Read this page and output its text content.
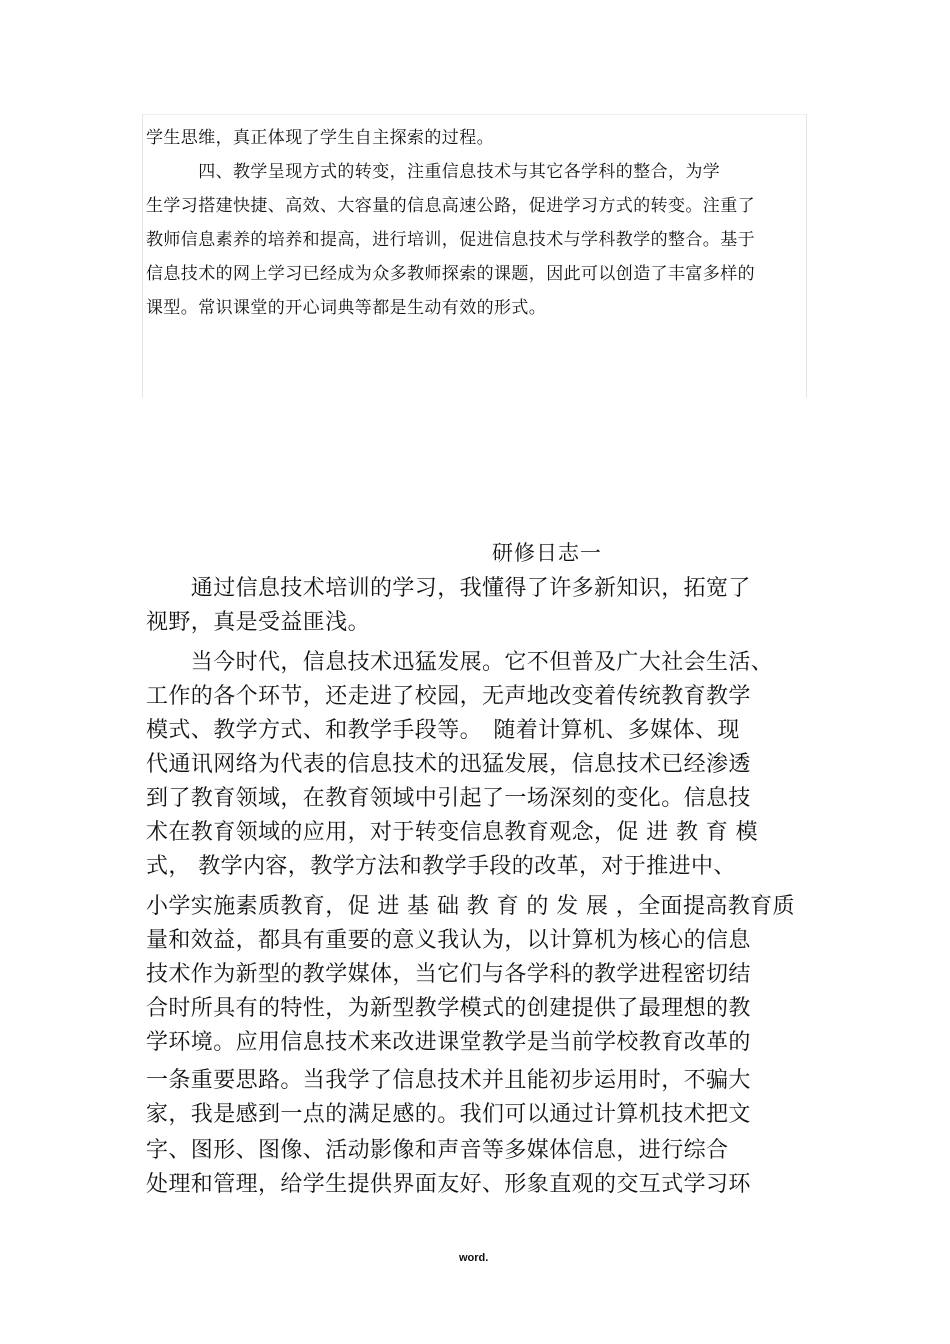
学生思维，真正体现了学生自主探索的过程。
　　　四、教学呈现方式的转变，注重信息技术与其它各学科的整合，为学
生学习搭建快捷、高效、大容量的信息高速公路，促进学习方式的转变。注重了
教师信息素养的培养和提高，进行培训，促进信息技术与学科教学的整合。基于
信息技术的网上学习已经成为众多教师探索的课题，因此可以创造了丰富多样的
课型。常识课堂的开心词典等都是生动有效的形式。
研修日志一
　　通过信息技术培训的学习，我懂得了许多新知识，拓宽了
视野，真是受益匪浅。
　　当今时代，信息技术迅猛发展。它不但普及广大社会生活、
工作的各个环节，还走进了校园，无声地改变着传统教育教学
模式、教学方式、和教学手段等。　随着计算机、多媒体、现
代通讯网络为代表的信息技术的迅猛发展，信息技术已经渗透
到了教育领域，在教育领域中引起了一场深刻的变化。信息技
术在教育领域的应用，对于转变信息教育观念，促 进 教 育 模
式， 教学内容，教学方法和教学手段的改革，对于推进中、
小学实施素质教育，促 进 基 础 教 育 的 发 展 ，全面提高教育质
量和效益，都具有重要的意义我认为，以计算机为核心的信息
技术作为新型的教学媒体，当它们与各学科的教学进程密切结
合时所具有的特性，为新型教学模式的创建提供了最理想的教
学环境。应用信息技术来改进课堂教学是当前学校教育改革的
一条重要思路。当我学了信息技术并且能初步运用时，不骗大
家，我是感到一点的满足感的。我们可以通过计算机技术把文
字、图形、图像、活动影像和声音等多媒体信息，进行综合
处理和管理，给学生提供界面友好、形象直观的交互式学习环
word.
